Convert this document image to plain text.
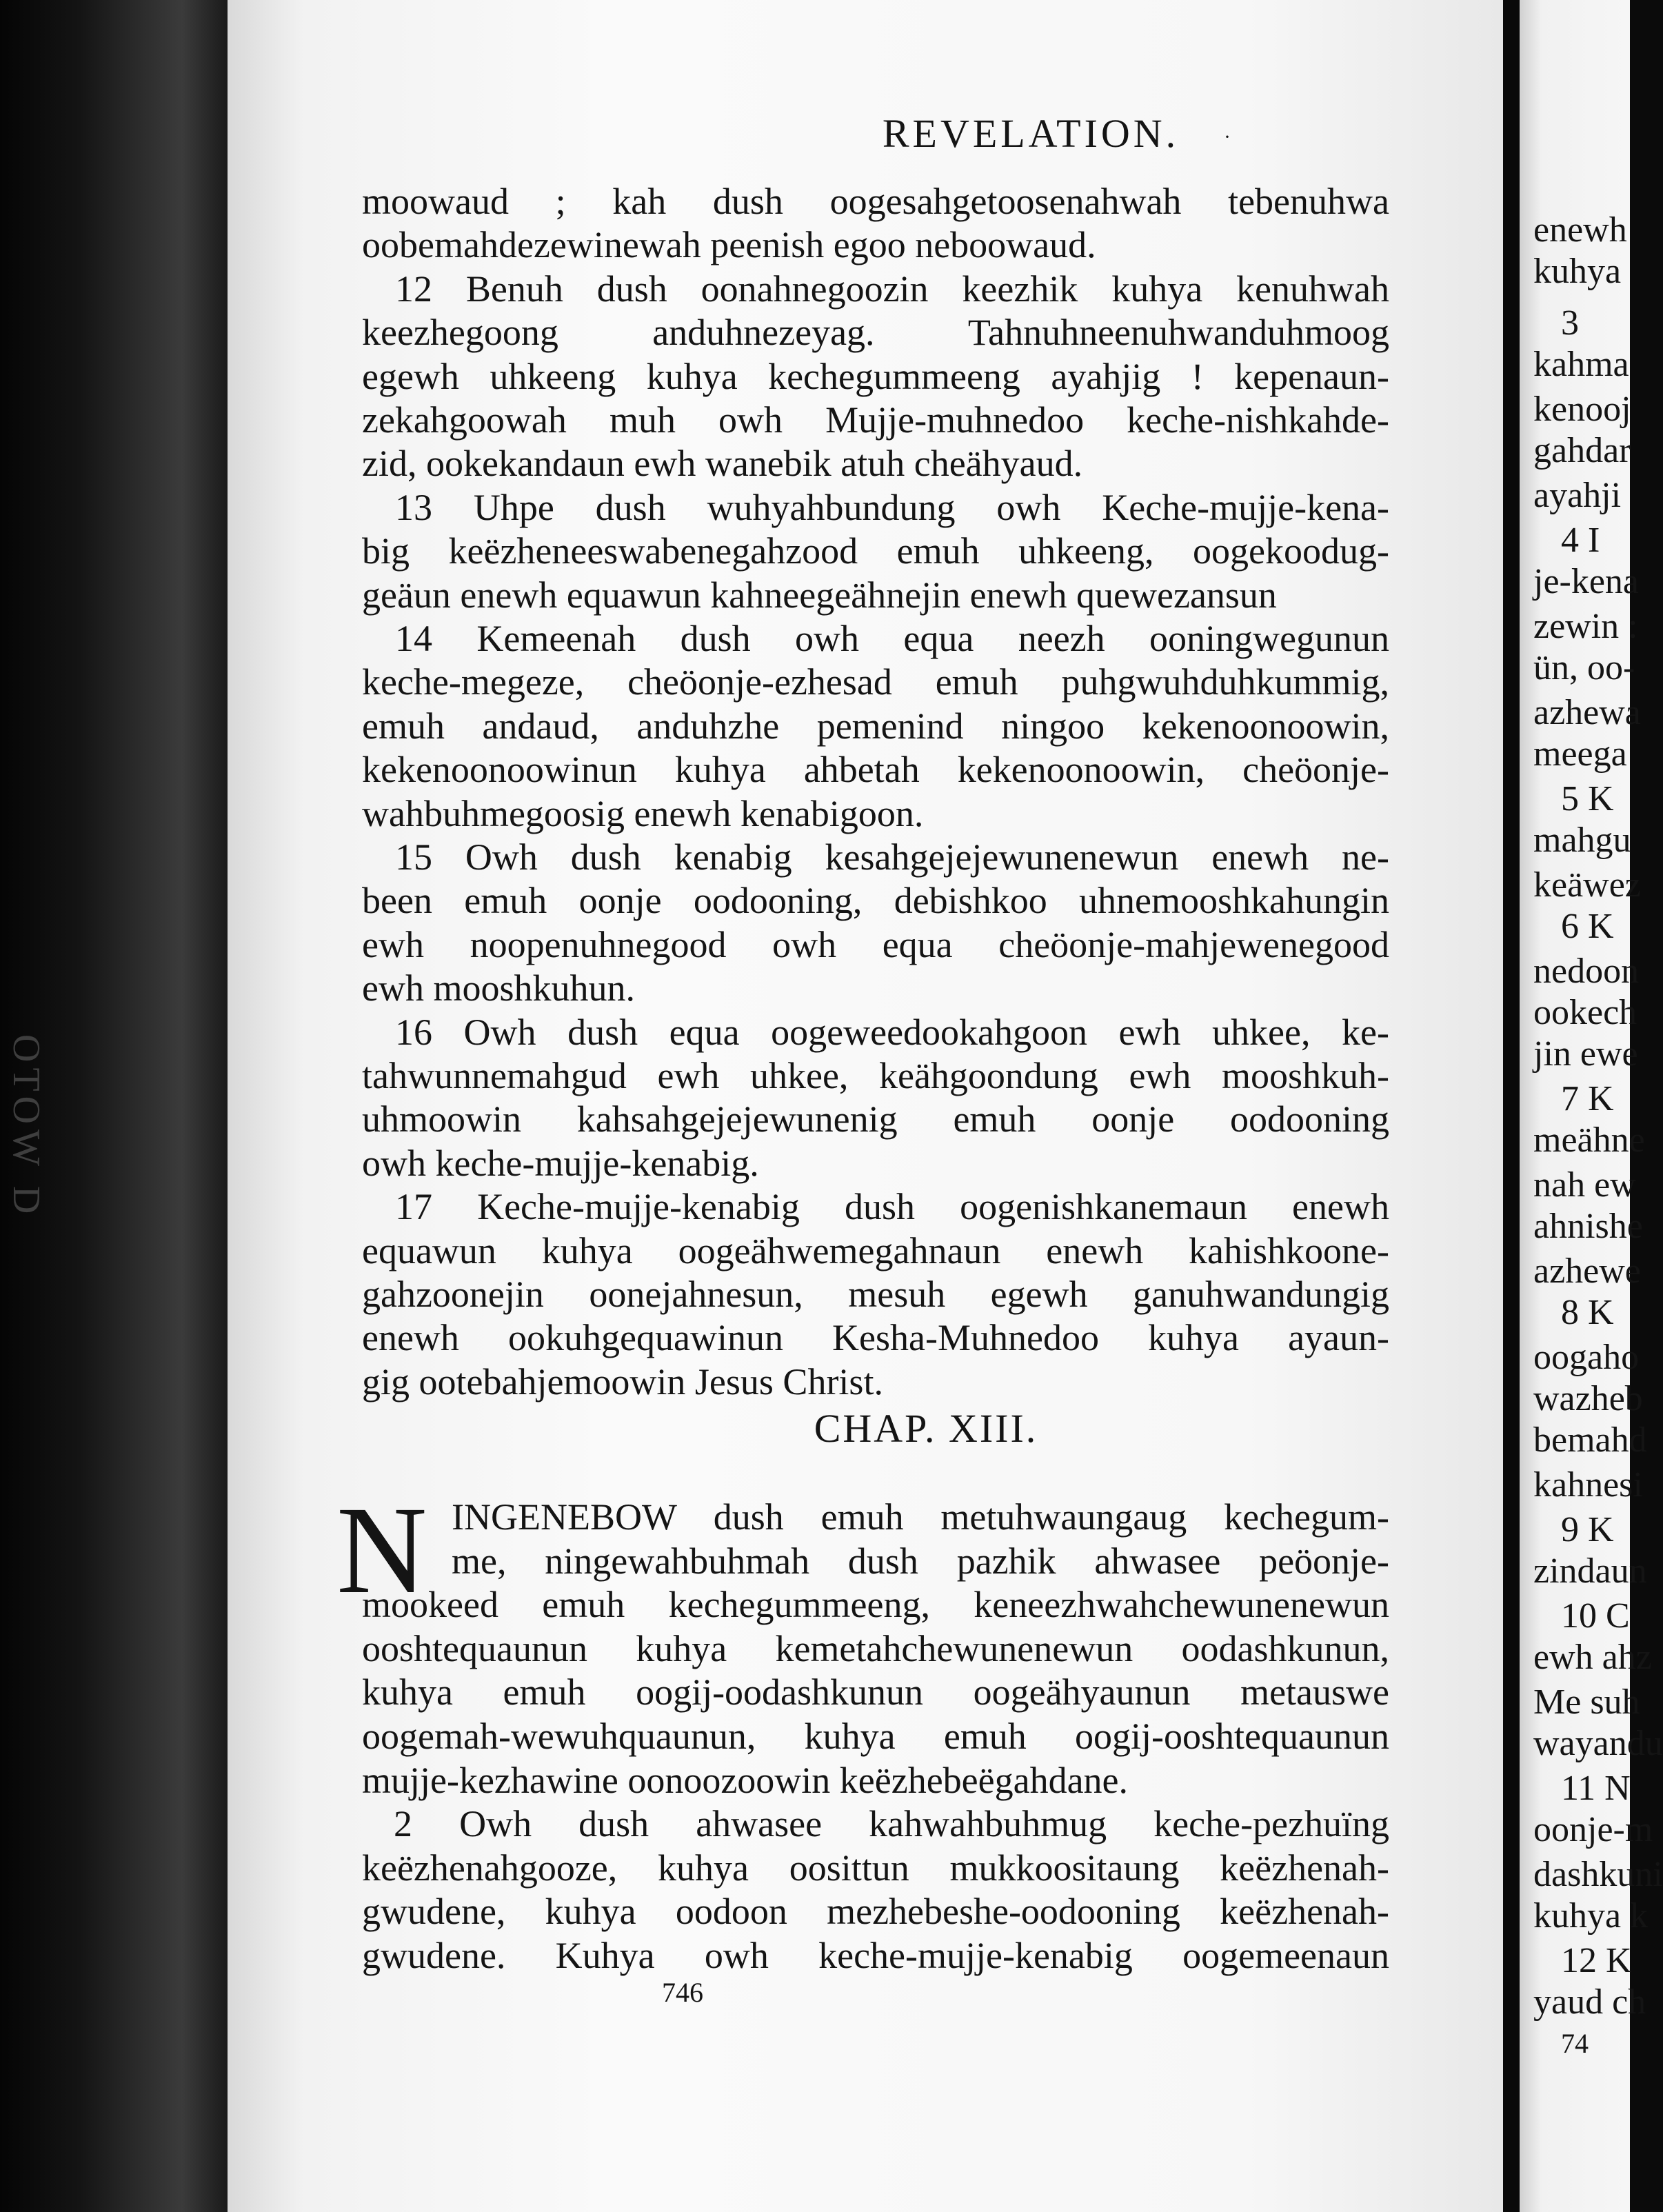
OTOW D
REVELATION.	·
moowaud ; kah dush oogesahgetoosenahwah tebenuhwa
oobemahdezewinewah peenish egoo neboowaud.
12 Benuh dush oonahnegoozin keezhik kuhya kenuhwah
keezhegoong anduhnezeyag. Tahnuhneenuhwanduhmoog
egewh uhkeeng kuhya kechegummeeng ayahjig ! kepenaun-
zekahgoowah muh owh Mujje-muhnedoo keche-nishkahde-
zid, ookekandaun ewh wanebik atuh cheähyaud.
13 Uhpe dush wuhyahbundung owh Keche-mujje-kena-
big keëzheneeswabenegahzood emuh uhkeeng, oogekoodug-
geäun enewh equawun kahneegeähnejin enewh quewezansun
14 Kemeenah dush owh equa neezh ooningwegunun
keche-megeze, cheöonje-ezhesad emuh puhgwuhduhkummig,
emuh andaud, anduhzhe pemenind ningoo kekenoonoowin,
kekenoonoowinun kuhya ahbetah kekenoonoowin, cheöonje-
wahbuhmegoosig enewh kenabigoon.
15 Owh dush kenabig kesahgejejewunenewun enewh ne-
been emuh oonje oodooning, debishkoo uhnemooshkahungin
ewh noopenuhnegood owh equa cheöonje-mahjewenegood
ewh mooshkuhun.
16 Owh dush equa oogeweedookahgoon ewh uhkee, ke-
tahwunnemahgud ewh uhkee, keähgoondung ewh mooshkuh-
uhmoowin kahsahgejejewunenig emuh oonje oodooning
owh keche-mujje-kenabig.
17 Keche-mujje-kenabig dush oogenishkanemaun enewh
equawun kuhya oogeähwemegahnaun enewh kahishkoone-
gahzoonejin oonejahnesun, mesuh egewh ganuhwandungig
enewh ookuhgequawinun Kesha-Muhnedoo kuhya ayaun-
gig ootebahjemoowin Jesus Christ.
CHAP. XIII.
N INGENEBOW dush emuh metuhwaungaug kechegum-
me, ningewahbuhmah dush pazhik ahwasee peöonje-
mookeed emuh kechegummeeng, keneezhwahchewunenewun
ooshtequaunun kuhya kemetahchewunenewun oodashkunun,
kuhya emuh oogij-oodashkunun oogeähyaunun metauswe
oogemah-wewuhquaunun, kuhya emuh oogij-ooshtequaunun
mujje-kezhawine oonoozoowin keëzhebeëgahdane.
2 Owh dush ahwasee kahwahbuhmug keche-pezhuïng
keëzhenahgooze, kuhya oosittun mukkoositaung keëzhenah-
gwudene, kuhya oodoon mezhebeshe-oodooning keëzhenah-
gwudene. Kuhya owh keche-mujje-kenabig oogemeenaun
746
enewh
kuhya
3
kahma
kenooj
gahdar
ayahji
4 I
je-kena
zewin :
ün, oo-
azhewa
meega
5 K
mahgu
keäwez
6 K
nedoon
ookech
jin ewe
7 K
meähne
nah ew
ahnishe
azhewe
8 K
oogaho
wazheb
bemahd
kahnesi
9 K
zindaun
10 C
ewh ahz
Me suh
wayandu
11 N
oonje-m
dashkuni
kuhya k
12 K
yaud ch
74
